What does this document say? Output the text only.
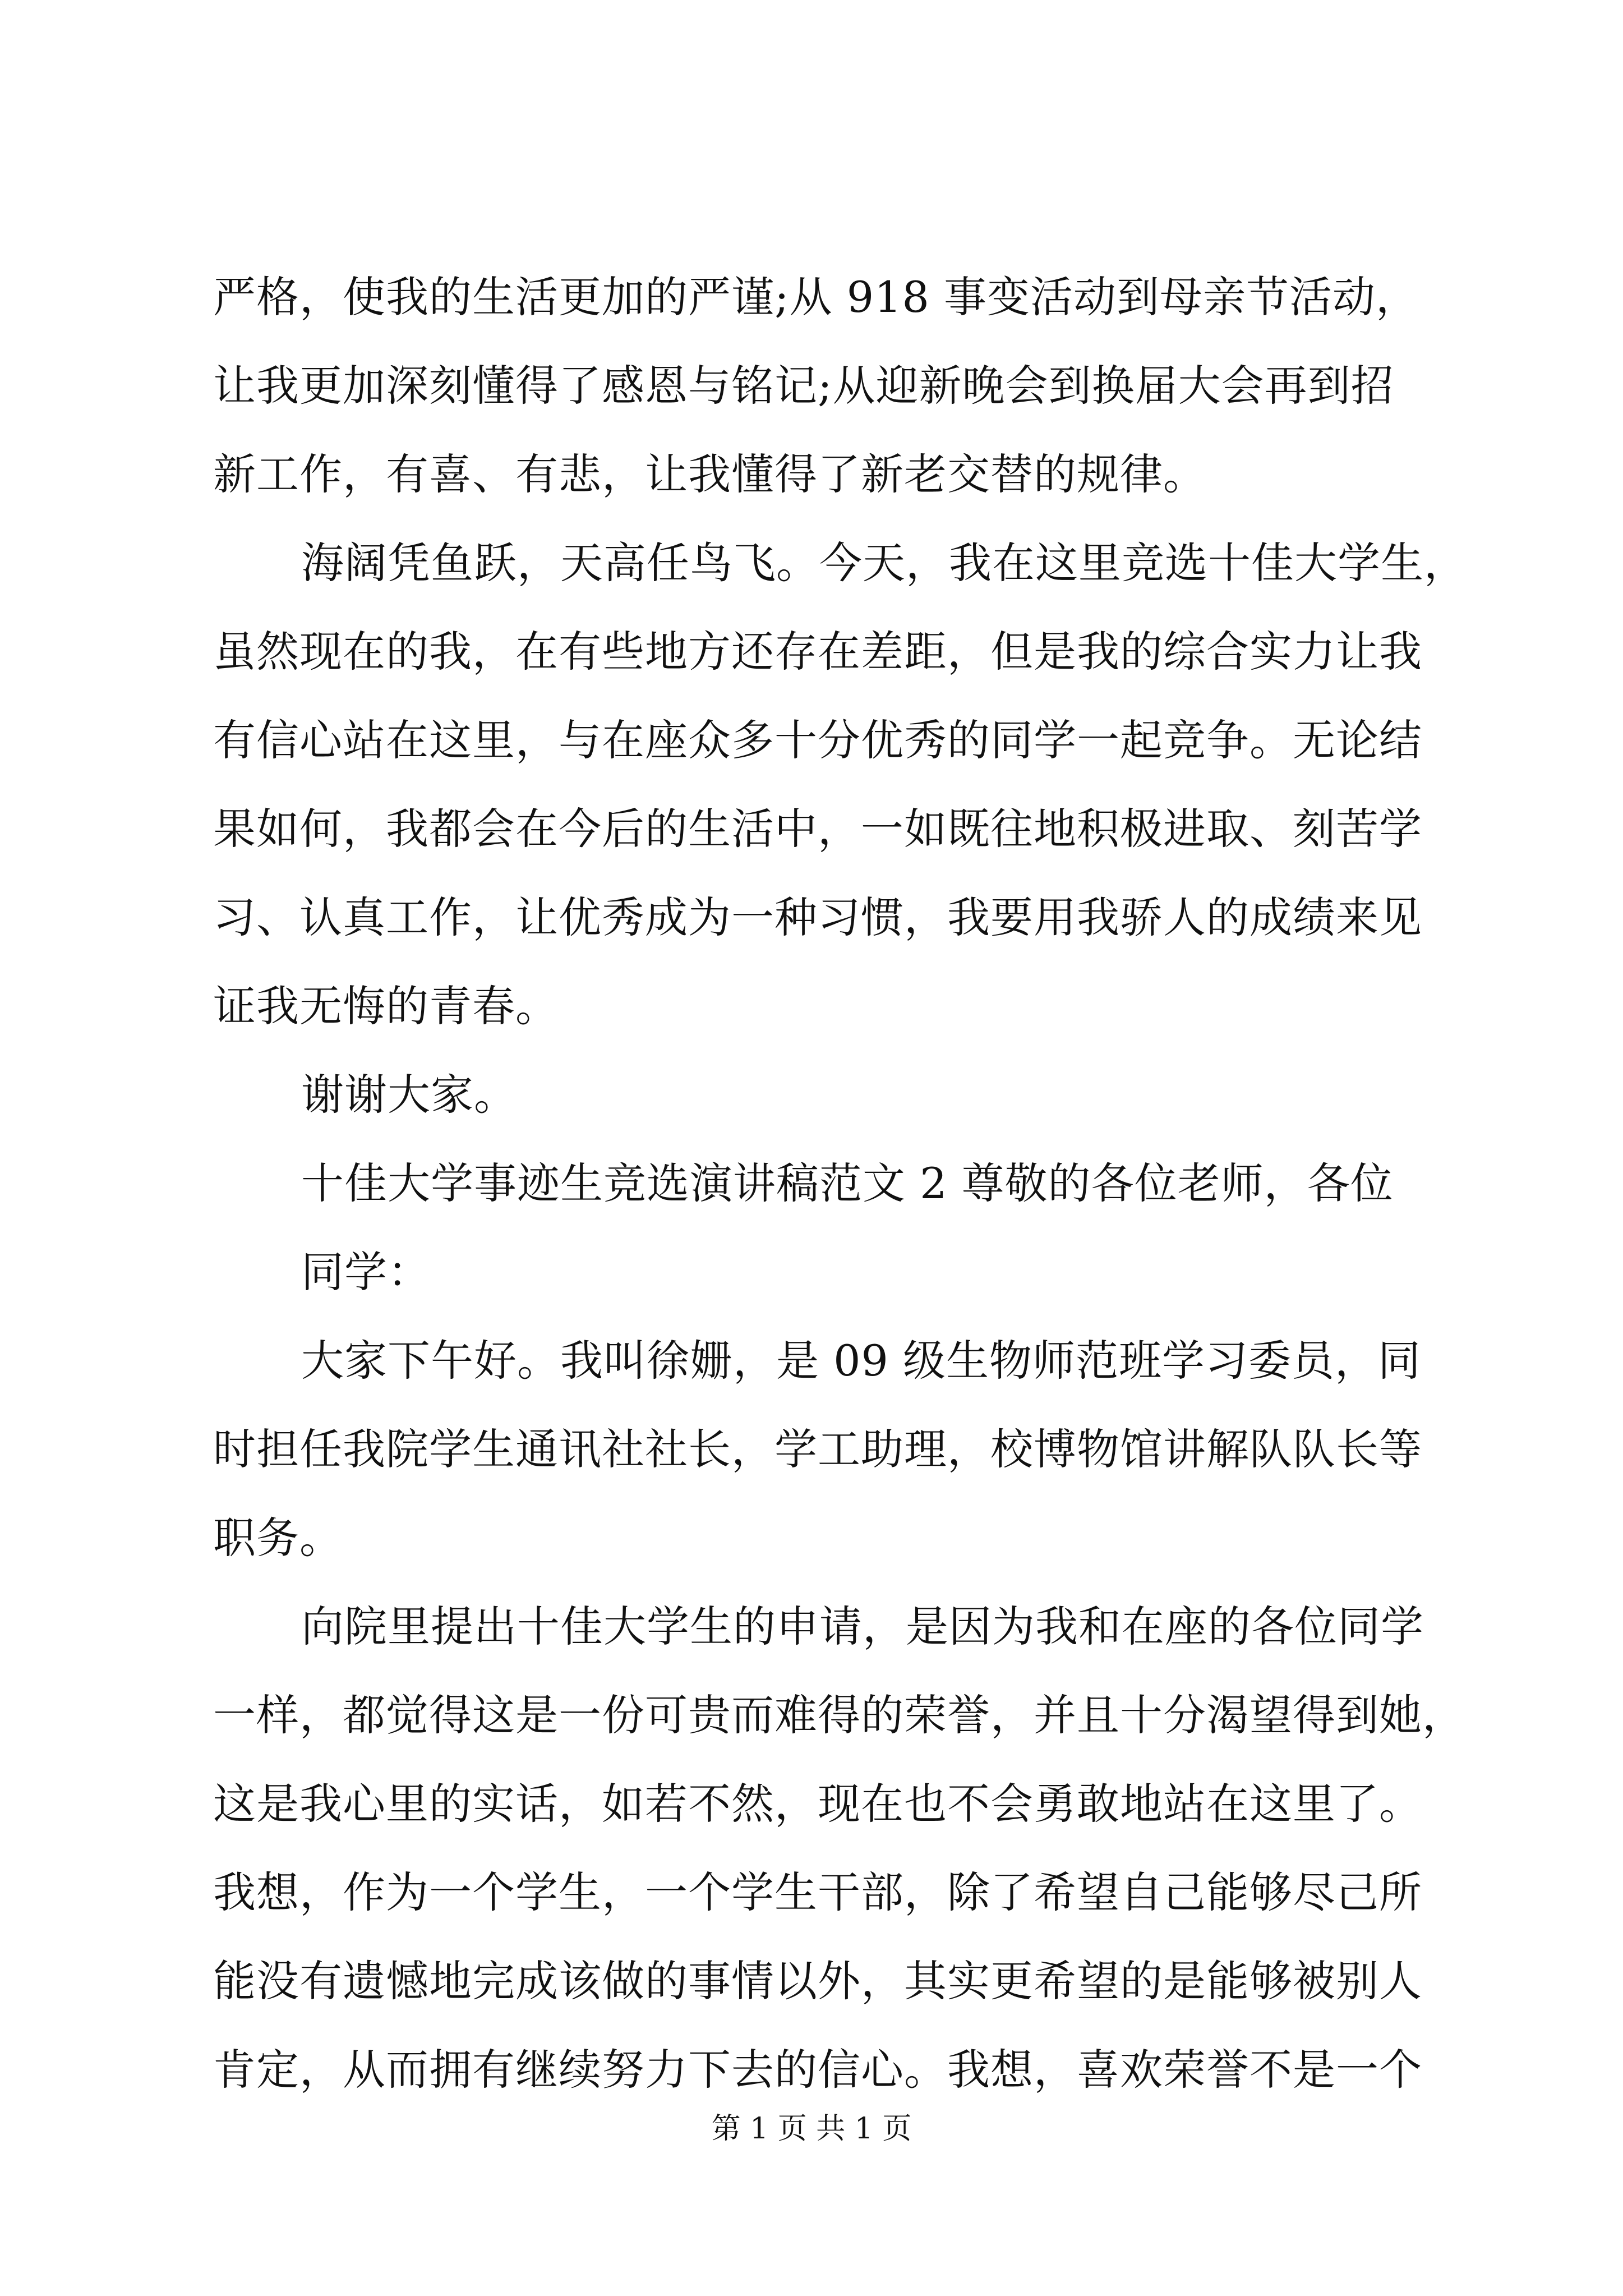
严格，使我的生活更加的严谨;从 918 事变活动到母亲节活动，
让我更加深刻懂得了感恩与铭记;从迎新晚会到换届大会再到招
新工作，有喜、有悲，让我懂得了新老交替的规律。
海阔凭鱼跃，天高任鸟飞。今天，我在这里竞选十佳大学生，
虽然现在的我，在有些地方还存在差距，但是我的综合实力让我
有信心站在这里，与在座众多十分优秀的同学一起竞争。无论结
果如何，我都会在今后的生活中，一如既往地积极进取、刻苦学
习、认真工作，让优秀成为一种习惯，我要用我骄人的成绩来见
证我无悔的青春。
谢谢大家。
十佳大学事迹生竞选演讲稿范文 2 尊敬的各位老师，各位
同学：
大家下午好。我叫徐姗，是 09 级生物师范班学习委员，同
时担任我院学生通讯社社长，学工助理，校博物馆讲解队队长等
职务。
向院里提出十佳大学生的申请，是因为我和在座的各位同学
一样，都觉得这是一份可贵而难得的荣誉，并且十分渴望得到她，
这是我心里的实话，如若不然，现在也不会勇敢地站在这里了。
我想，作为一个学生，一个学生干部，除了希望自己能够尽己所
能没有遗憾地完成该做的事情以外，其实更希望的是能够被别人
肯定，从而拥有继续努力下去的信心。我想，喜欢荣誉不是一个
第 1 页 共 1 页
